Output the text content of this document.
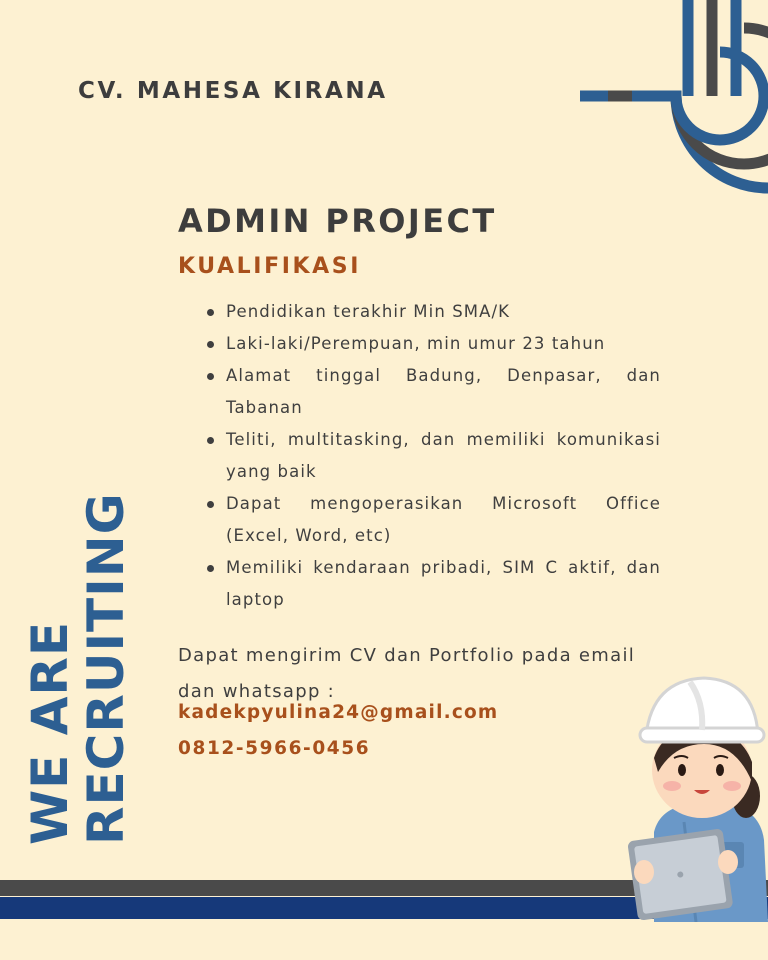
CV. MAHESA KIRANA
ADMIN PROJECT
KUALIFIKASI
Pendidikan terakhir Min SMA/K
Laki-laki/Perempuan, min umur 23 tahun
Alamat tinggal Badung, Denpasar, dan Tabanan
Teliti, multitasking, dan memiliki komunikasi yang baik
Dapat mengoperasikan Microsoft Office (Excel, Word, etc)
Memiliki kendaraan pribadi, SIM C aktif, dan laptop
Dapat mengirim CV dan Portfolio pada email dan whatsapp :
kadekpyulina24@gmail.com
0812-5966-0456
WE ARE
RECRUITING
